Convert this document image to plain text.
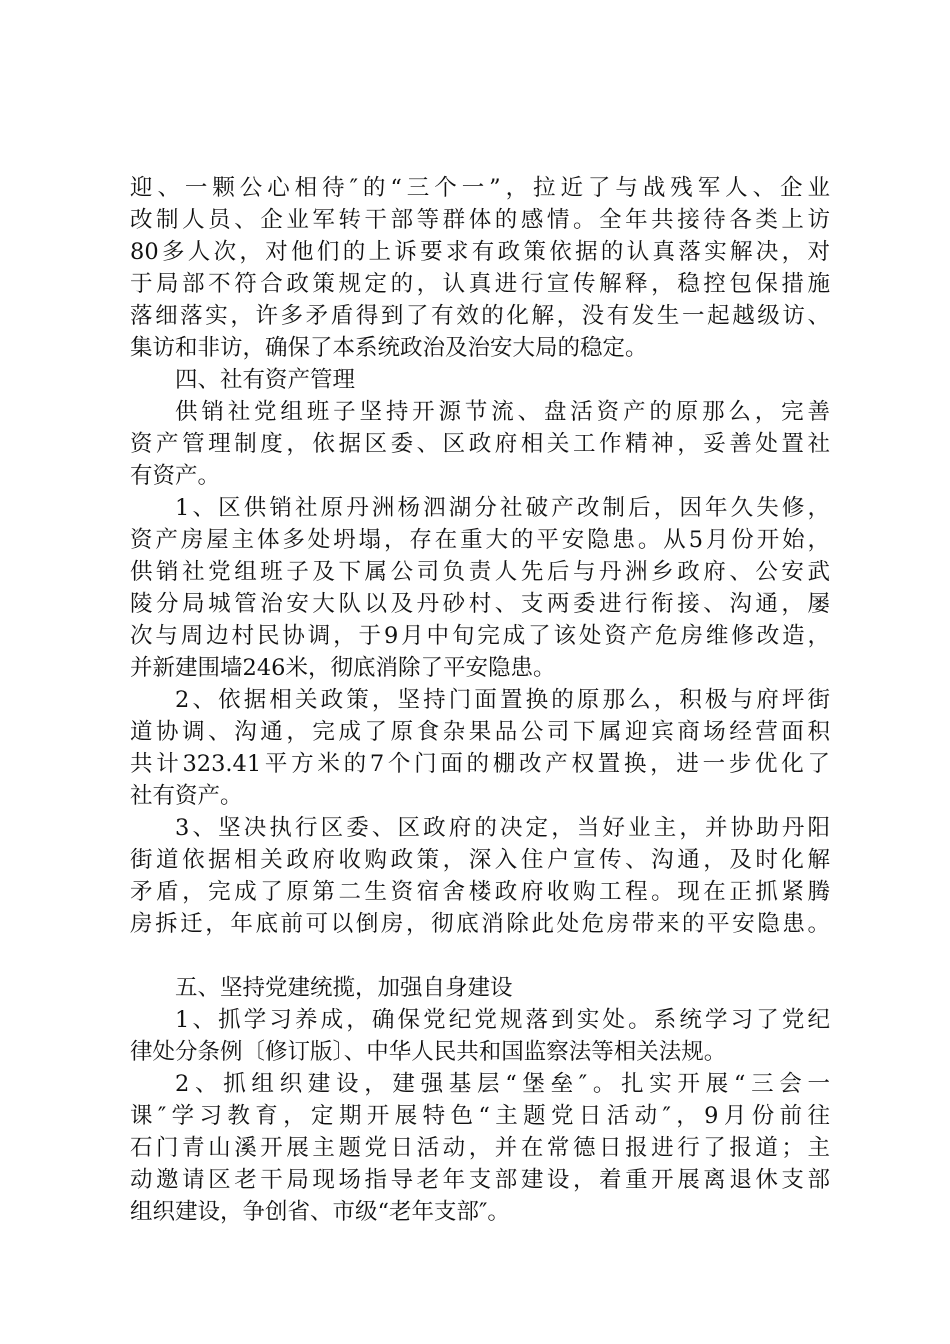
迎、一颗公心相待″的“三个一”，拉近了与战残军人、企业
改制人员、企业军转干部等群体的感情。全年共接待各类上访
80多人次，对他们的上诉要求有政策依据的认真落实解决，对
于局部不符合政策规定的，认真进行宣传解释，稳控包保措施
落细落实，许多矛盾得到了有效的化解，没有发生一起越级访、
集访和非访，确保了本系统政治及治安大局的稳定。
四、社有资产管理
供销社党组班子坚持开源节流、盘活资产的原那么，完善
资产管理制度，依据区委、区政府相关工作精神，妥善处置社
有资产。
1、区供销社原丹洲杨泗湖分社破产改制后，因年久失修，
资产房屋主体多处坍塌，存在重大的平安隐患。从5月份开始，
供销社党组班子及下属公司负责人先后与丹洲乡政府、公安武
陵分局城管治安大队以及丹砂村、支两委进行衔接、沟通，屡
次与周边村民协调，于9月中旬完成了该处资产危房维修改造，
并新建围墙246米，彻底消除了平安隐患。
2、依据相关政策，坚持门面置换的原那么，积极与府坪街
道协调、沟通，完成了原食杂果品公司下属迎宾商场经营面积
共计323.41平方米的7个门面的棚改产权置换，进一步优化了
社有资产。
3、坚决执行区委、区政府的决定，当好业主，并协助丹阳
街道依据相关政府收购政策，深入住户宣传、沟通，及时化解
矛盾，完成了原第二生资宿舍楼政府收购工程。现在正抓紧腾
房拆迁，年底前可以倒房，彻底消除此处危房带来的平安隐患。
五、坚持党建统揽，加强自身建设
1、抓学习养成，确保党纪党规落到实处。系统学习了党纪
律处分条例〔修订版〕、中华人民共和国监察法等相关法规。
2、抓组织建设，建强基层“堡垒″。扎实开展“三会一
课″学习教育，定期开展特色“主题党日活动″，9月份前往
石门青山溪开展主题党日活动，并在常德日报进行了报道；主
动邀请区老干局现场指导老年支部建设，着重开展离退休支部
组织建设，争创省、市级“老年支部″。
